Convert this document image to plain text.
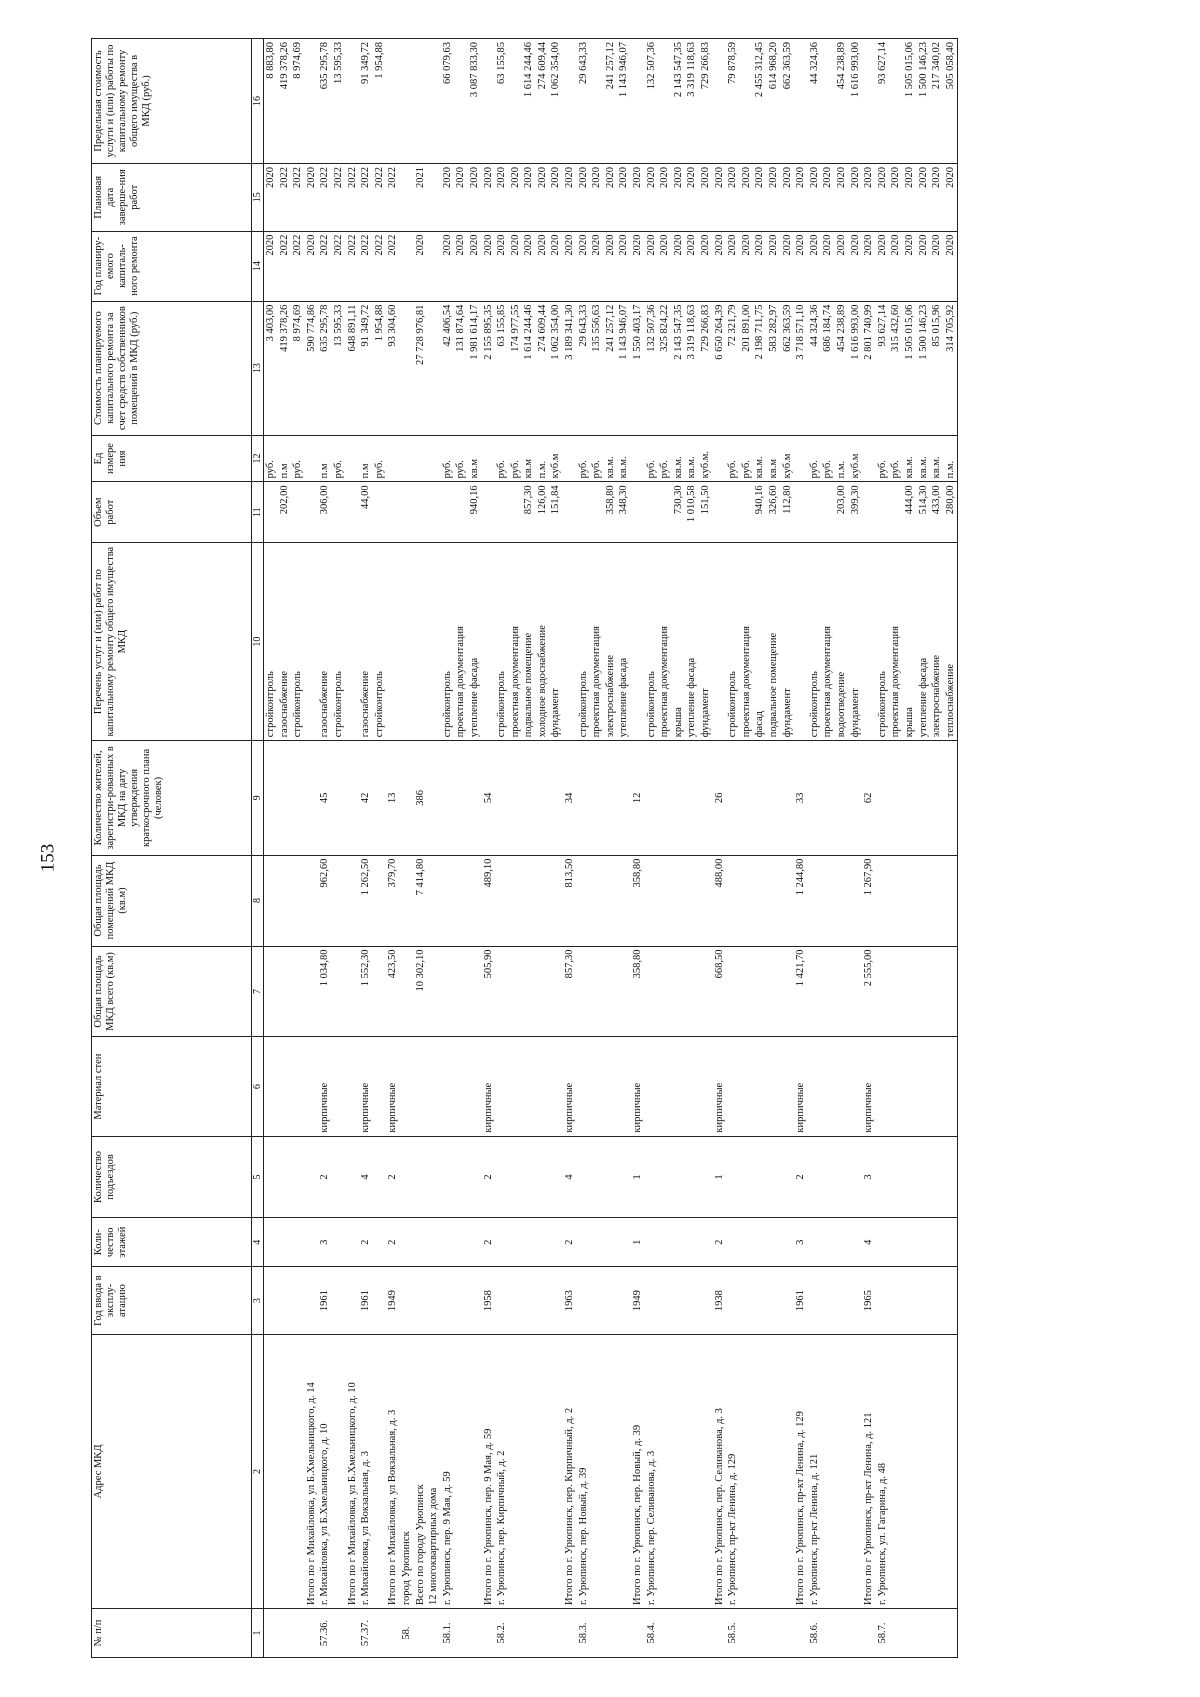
153
№ п/п	Адрес МКД	Год ввода в эксплу-атацию	Коли-чество этажей	Количество подъездов	Материал стен	Общая площадь МКД всего (кв.м)	Общая площадь помещений МКД (кв.м)	Количество жителей, зарегистри-рованных в МКД на дату утверждения краткосрочного плана (человек)	Перечень услуг и (или) работ по капитальному ремонту общего имущества МКД	Объем работ	Ед измере ния	Стоимость планируемого капитального ремонта за счет средств собственников помещений в МКД (руб.)	Год планиру-емого капиталь-ного ремонта	Плановая дата заверше-ния работ	Предельная стоимость услуги и (или) работы по капитальному ремонту общего имущества в МКД (руб.)
1	2	3	4	5	6	7	8	9	10	11	12	13	14	15	16
									стройконтроль		руб.	3 403,00	2020	2020	8 883,80
									газоснабжение	202,00	п.м	419 378,26	2022	2022	419 378,26
									стройконтроль		руб.	8 974,69	2022	2022	8 974,69
	Итого по г Михайловка, ул Б.Хмельницкого, д. 14											590 774,86	2020	2020	
57.36.	г. Михайловка, ул Б.Хмельницкого, д. 10	1961	3	2	кирпичные	1 034,80	962,60	45	газоснабжение	306,00	п.м	635 295,78	2022	2022	635 295,78
									стройконтроль		руб.	13 595,33	2022	2022	13 595,33
	Итого по г Михайловка, ул Б.Хмельницкого, д. 10											648 891,11	2022	2022	
57.37.	г. Михайловка, ул Вокзальная, д. 3	1961	2	4	кирпичные	1 552,30	1 262,50	42	газоснабжение	44,00	п.м	91 349,72	2022	2022	91 349,72
									стройконтроль		руб.	1 954,88	2022	2022	1 954,88
	Итого по г Михайловка, ул Вокзальная, д. 3	1949	2	2	кирпичные	423,50	379,70	13				93 304,60	2022	2022	
58.	город Урюпинск														
	Всего по городу Урюпинск					10 302,10	7 414,80	386				27 728 976,81	2020	2021	
	12 многоквартирных дома														
58.1.	г. Урюпинск, пер. 9 Мая, д. 59								стройконтроль		руб.	42 406,54	2020	2020	66 079,63
									проектная документация		руб.	131 874,64	2020	2020	
									утепление фасада	940,16	кв.м	1 981 614,17	2020	2020	3 087 833,30
	Итого по г. Урюпинск, пер. 9 Мая, д. 59	1958	2	2	кирпичные	505,90	489,10	54				2 155 895,35	2020	2020	
58.2.	г. Урюпинск, пер. Кирпичный, д. 2								стройконтроль		руб.	63 155,85	2020	2020	63 155,85
									проектная документация		руб.	174 977,55	2020	2020	
									подвальное помещение	857,30	кв.м	1 614 244,46	2020	2020	1 614 244,46
									холодное водоснабжение	126,00	п.м.	274 609,44	2020	2020	274 609,44
									фундамент	151,84	куб.м	1 062 354,00	2020	2020	1 062 354,00
	Итого по г. Урюпинск, пер. Кирпичный, д. 2	1963	2	4	кирпичные	857,30	813,50	34				3 189 341,30	2020	2020	
58.3.	г. Урюпинск, пер. Новый, д. 39								стройконтроль		руб.	29 643,33	2020	2020	29 643,33
									проектная документация		руб.	135 556,63	2020	2020	
									электроснабжение	358,80	кв.м.	241 257,12	2020	2020	241 257,12
									утепление фасада	348,30	кв.м.	1 143 946,07	2020	2020	1 143 946,07
	Итого по г. Урюпинск, пер. Новый, д. 39	1949	1	1	кирпичные	358,80	358,80	12				1 550 403,17	2020	2020	
58.4.	г. Урюпинск, пер. Селиванова, д. 3								стройконтроль		руб.	132 507,36	2020	2020	132 507,36
									проектная документация		руб.	325 824,22	2020	2020	
									крыша	730,30	кв.м.	2 143 547,35	2020	2020	2 143 547,35
									утепление фасада	1 010,58	кв.м.	3 319 118,63	2020	2020	3 319 118,63
									фундамент	151,50	куб.м.	729 266,83	2020	2020	729 266,83
	Итого по г. Урюпинск, пер. Селиванова, д. 3	1938	2	1	кирпичные	668,50	488,00	26				6 650 264,39	2020	2020	
58.5.	г. Урюпинск, пр-кт Ленина, д. 129								стройконтроль		руб.	72 321,79	2020	2020	79 878,59
									проектная документация		руб.	201 891,00	2020	2020	
									фасад	940,16	кв.м.	2 198 711,75	2020	2020	2 455 312,45
									подвальное помещение	326,60	кв.м	583 282,97	2020	2020	614 968,20
									фундамент	112,80	куб.м	662 363,59	2020	2020	662 363,59
	Итого по г. Урюпинск, пр-кт Ленина, д. 129	1961	3	2	кирпичные	1 421,70	1 244,80	33				3 718 571,10	2020	2020	
58.6.	г. Урюпинск, пр-кт Ленина, д. 121								стройконтроль		руб.	44 324,36	2020	2020	44 324,36
									проектная документация		руб.	686 184,74	2020	2020	
									водоотведение	203,00	п.м.	454 238,89	2020	2020	454 238,89
									фундамент	399,30	куб.м	1 616 993,00	2020	2020	1 616 993,00
	Итого по г Урюпинск, пр-кт Ленина, д. 121	1965	4	3	кирпичные	2 555,00	1 267,90	62				2 801 740,99	2020	2020	
58.7.	г. Урюпинск, ул. Гагарина, д. 48								стройконтроль		руб.	93 627,14	2020	2020	93 627,14
									проектная документация		руб.	315 432,60	2020	2020	
									крыша	444,00	кв.м.	1 505 015,06	2020	2020	1 505 015,06
									утепление фасада	514,30	кв.м.	1 500 146,23	2020	2020	1 500 146,23
									электроснабжение	433,00	кв.м.	85 015,96	2020	2020	217 340,02
									теплоснабжение	280,00	п.м.	314 705,92	2020	2020	505 058,40
